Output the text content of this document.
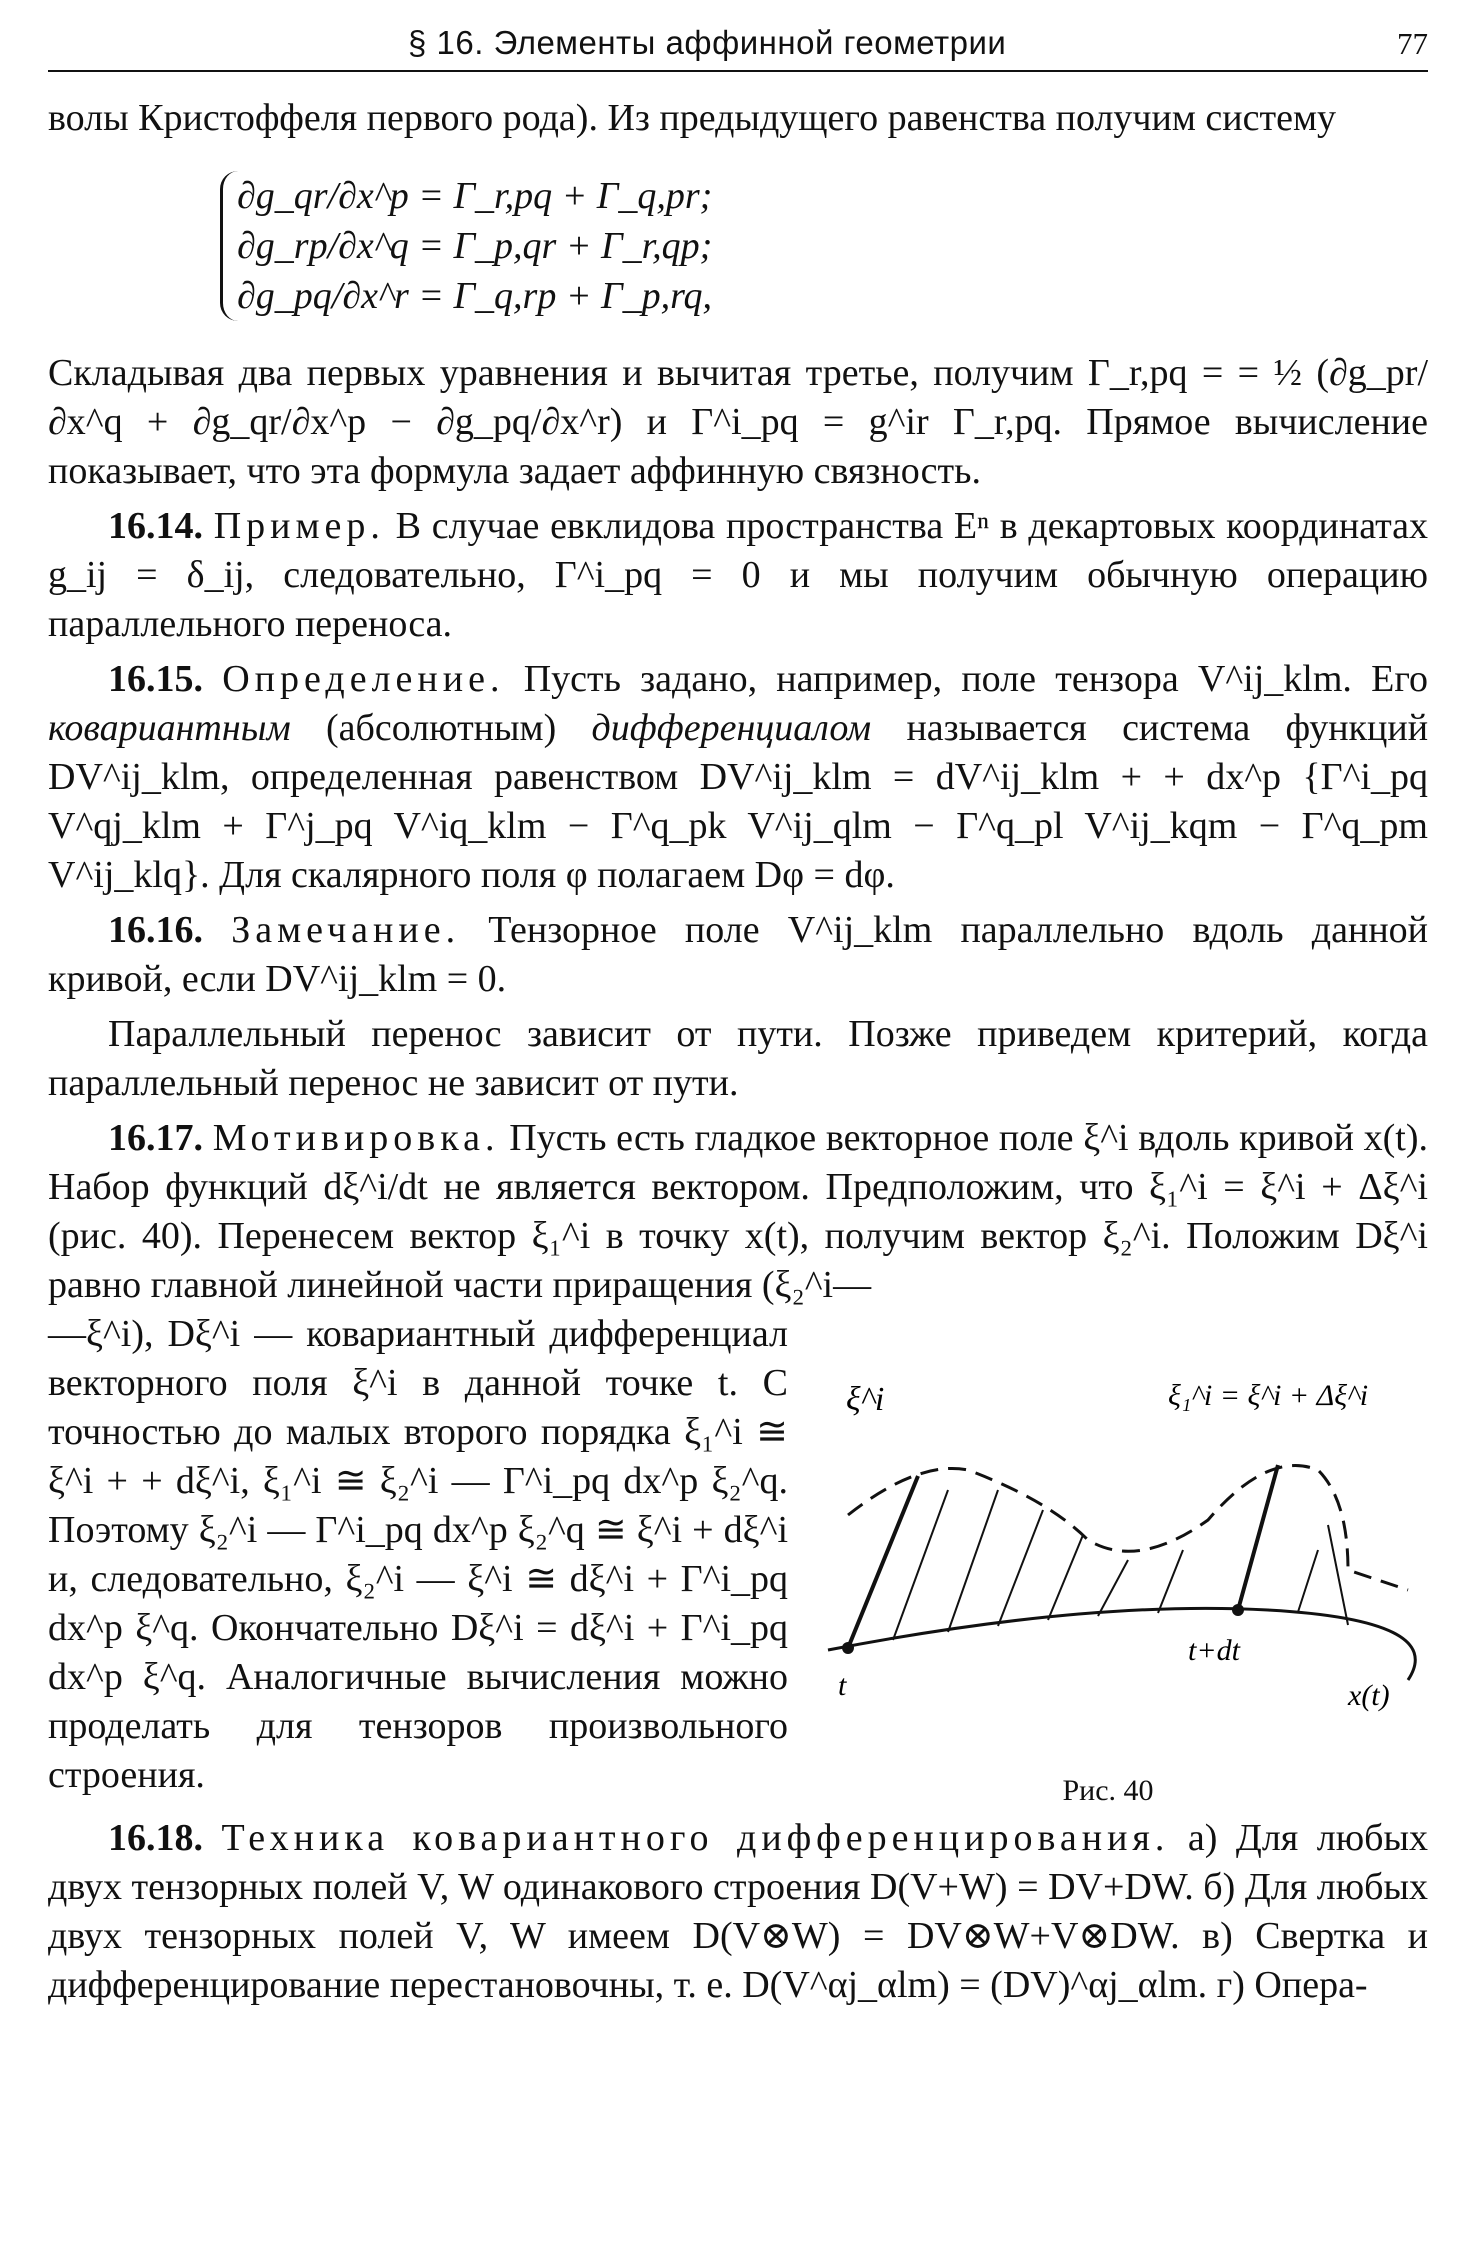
§ 16. Элементы аффинной геометрии	77

волы Кристоффеля первого рода). Из предыдущего равенства получим систему

∂g_qr/∂x^p = Γ_r,pq + Γ_q,pr;
∂g_rp/∂x^q = Γ_p,qr + Γ_r,qp;
∂g_pq/∂x^r = Γ_q,rp + Γ_p,rq,

Складывая два первых уравнения и вычитая третье, получим Γ_r,pq = = ½ (∂g_pr/∂x^q + ∂g_qr/∂x^p − ∂g_pq/∂x^r) и Γ^i_pq = g^ir Γ_r,pq. Прямое вычисление показывает, что эта формула задает аффинную связность.

16.14. Пример. В случае евклидова пространства Eⁿ в декартовых координатах g_ij = δ_ij, следовательно, Γ^i_pq = 0 и мы получим обычную операцию параллельного переноса.

16.15. Определение. Пусть задано, например, поле тензора V^ij_klm. Его ковариантным (абсолютным) дифференциалом называется система функций DV^ij_klm, определенная равенством DV^ij_klm = dV^ij_klm + + dx^p {Γ^i_pq V^qj_klm + Γ^j_pq V^iq_klm − Γ^q_pk V^ij_qlm − Γ^q_pl V^ij_kqm − Γ^q_pm V^ij_klq}. Для скалярного поля φ полагаем Dφ = dφ.

16.16. Замечание. Тензорное поле V^ij_klm параллельно вдоль данной кривой, если DV^ij_klm = 0.

Параллельный перенос зависит от пути. Позже приведем критерий, когда параллельный перенос не зависит от пути.

16.17. Мотивировка. Пусть есть гладкое векторное поле ξ^i вдоль кривой x(t). Набор функций dξ^i/dt не является вектором. Предположим, что ξ₁^i = ξ^i + Δξ^i (рис. 40). Перенесем вектор ξ₁^i в точку x(t), получим вектор ξ₂^i. Положим Dξ^i равно главной линейной части приращения (ξ₂^i—

ξ^i	ξ₁^i = ξ^i + Δξ^i
t
t+dt
x(t)
Рис. 40

—ξ^i), Dξ^i — ковариантный дифференциал векторного поля ξ^i в данной точке t. С точностью до малых второго порядка ξ₁^i ≅ ξ^i + + dξ^i, ξ₁^i ≅ ξ₂^i — Γ^i_pq dx^p ξ₂^q. Поэтому ξ₂^i — Γ^i_pq dx^p ξ₂^q ≅ ξ^i + dξ^i и, следовательно, ξ₂^i — ξ^i ≅ dξ^i + Γ^i_pq dx^p ξ^q. Окончательно Dξ^i = dξ^i + Γ^i_pq dx^p ξ^q. Аналогичные вычисления можно проделать для тензоров произвольного строения.

16.18. Техника ковариантного дифференцирования. а) Для любых двух тензорных полей V, W одинакового строения D(V+W) = DV+DW. б) Для любых двух тензорных полей V, W имеем D(V⊗W) = DV⊗W+V⊗DW. в) Свертка и дифференцирование перестановочны, т. е. D(V^αj_αlm) = (DV)^αj_αlm. г) Опера-
